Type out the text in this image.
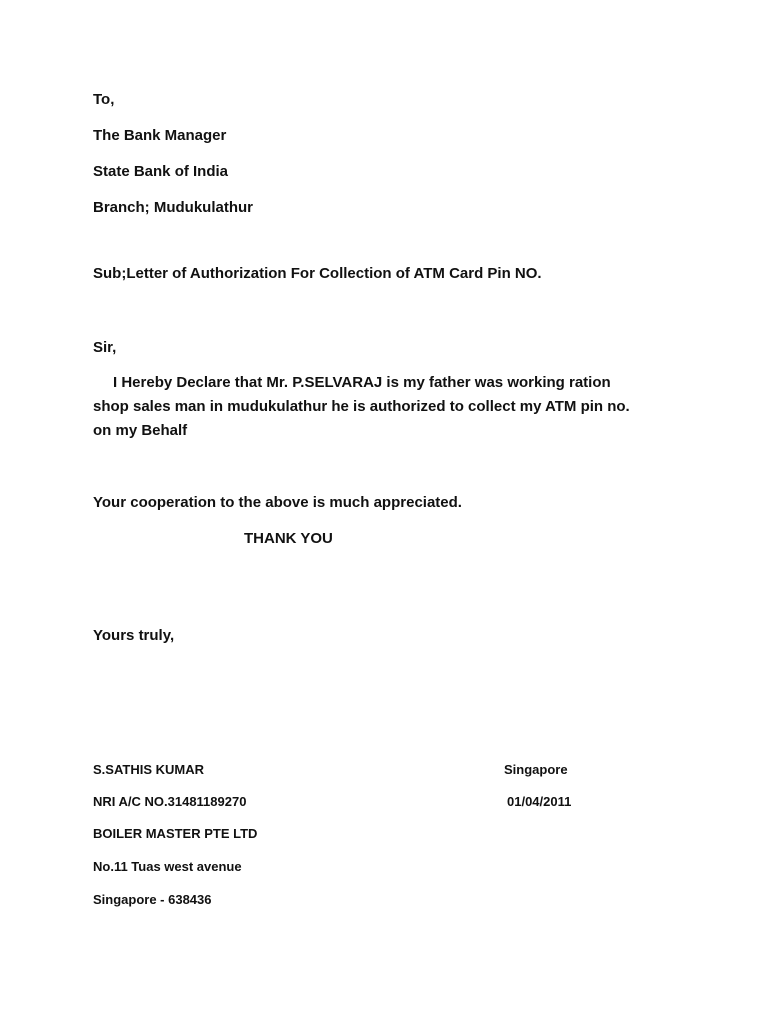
To,
The Bank Manager
State Bank of India
Branch; Mudukulathur
Sub;Letter of Authorization For Collection of ATM Card Pin NO.
Sir,
I Hereby Declare that Mr. P.SELVARAJ is my father was working ration
shop sales man in mudukulathur he is authorized to collect my ATM pin no.
on my Behalf
Your cooperation to the above is much appreciated.
THANK YOU
Yours truly,
S.SATHIS KUMAR	Singapore
NRI A/C NO.31481189270	01/04/2011
BOILER MASTER PTE LTD
No.11 Tuas west avenue
Singapore - 638436
